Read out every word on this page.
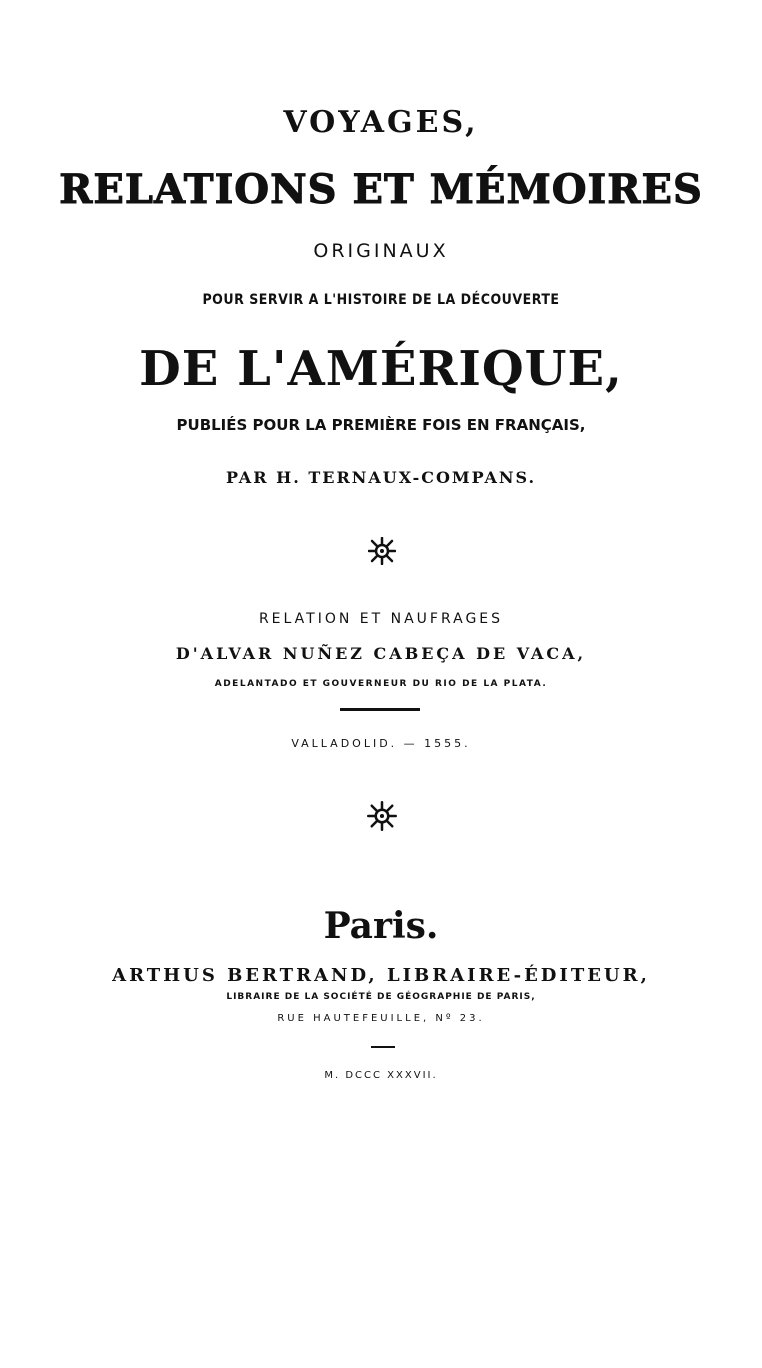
VOYAGES,
RELATIONS ET MÉMOIRES
ORIGINAUX
POUR SERVIR A L'HISTOIRE DE LA DÉCOUVERTE
DE L'AMÉRIQUE,
PUBLIÉS POUR LA PREMIÈRE FOIS EN FRANÇAIS,
PAR H. TERNAUX-COMPANS.
RELATION ET NAUFRAGES
D'ALVAR NUÑEZ CABEÇA DE VACA,
ADELANTADO ET GOUVERNEUR DU RIO DE LA PLATA.
VALLADOLID. — 1555.
Paris.
ARTHUS BERTRAND, LIBRAIRE-ÉDITEUR,
LIBRAIRE DE LA SOCIÉTÉ DE GÉOGRAPHIE DE PARIS,
RUE HAUTEFEUILLE, Nº 23.
M. DCCC XXXVII.
